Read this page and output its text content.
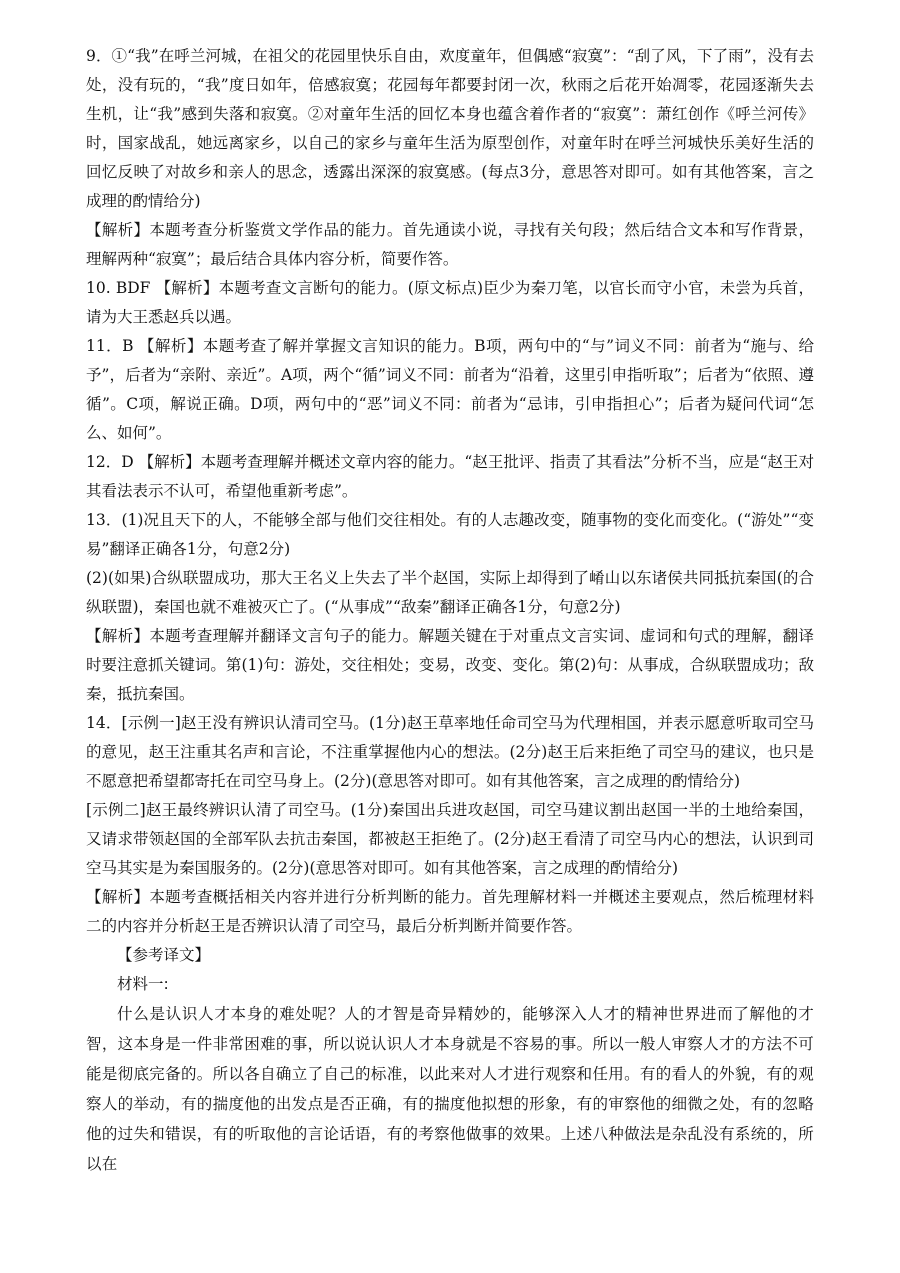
9．①“我”在呼兰河城，在祖父的花园里快乐自由，欢度童年，但偶感“寂寞”：“刮了风，下了雨”，没有去处，没有玩的，“我”度日如年，倍感寂寞；花园每年都要封闭一次，秋雨之后花开始凋零，花园逐渐失去生机，让“我”感到失落和寂寞。②对童年生活的回忆本身也蕴含着作者的“寂寞”：萧红创作《呼兰河传》时，国家战乱，她远离家乡，以自己的家乡与童年生活为原型创作，对童年时在呼兰河城快乐美好生活的回忆反映了对故乡和亲人的思念，透露出深深的寂寞感。(每点3分，意思答对即可。如有其他答案，言之成理的酌情给分)

【解析】本题考查分析鉴赏文学作品的能力。首先通读小说，寻找有关句段；然后结合文本和写作背景，理解两种“寂寞”；最后结合具体内容分析，简要作答。

10. BDF 【解析】本题考查文言断句的能力。(原文标点)臣少为秦刀笔，以官长而守小官，未尝为兵首，请为大王悉赵兵以遇。

11．B 【解析】本题考查了解并掌握文言知识的能力。B项，两句中的“与”词义不同：前者为“施与、给予”，后者为“亲附、亲近”。A项，两个“循”词义不同：前者为“沿着，这里引申指听取”；后者为“依照、遵循”。C项，解说正确。D项，两句中的“恶”词义不同：前者为“忌讳，引申指担心”；后者为疑问代词“怎么、如何”。

12．D 【解析】本题考查理解并概述文章内容的能力。“赵王批评、指责了其看法”分析不当，应是“赵王对其看法表示不认可，希望他重新考虑”。

13．(1)况且天下的人，不能够全部与他们交往相处。有的人志趣改变，随事物的变化而变化。(“游处”“变易”翻译正确各1分，句意2分)

(2)(如果)合纵联盟成功，那大王名义上失去了半个赵国，实际上却得到了崤山以东诸侯共同抵抗秦国(的合纵联盟)，秦国也就不难被灭亡了。(“从事成”“敌秦”翻译正确各1分，句意2分)

【解析】本题考查理解并翻译文言句子的能力。解题关键在于对重点文言实词、虚词和句式的理解，翻译时要注意抓关键词。第(1)句：游处，交往相处；变易，改变、变化。第(2)句：从事成，合纵联盟成功；敌秦，抵抗秦国。

14．[示例一]赵王没有辨识认清司空马。(1分)赵王草率地任命司空马为代理相国，并表示愿意听取司空马的意见，赵王注重其名声和言论，不注重掌握他内心的想法。(2分)赵王后来拒绝了司空马的建议，也只是不愿意把希望都寄托在司空马身上。(2分)(意思答对即可。如有其他答案，言之成理的酌情给分)

[示例二]赵王最终辨识认清了司空马。(1分)秦国出兵进攻赵国，司空马建议割出赵国一半的土地给秦国，又请求带领赵国的全部军队去抗击秦国，都被赵王拒绝了。(2分)赵王看清了司空马内心的想法，认识到司空马其实是为秦国服务的。(2分)(意思答对即可。如有其他答案，言之成理的酌情给分)

【解析】本题考查概括相关内容并进行分析判断的能力。首先理解材料一并概述主要观点，然后梳理材料二的内容并分析赵王是否辨识认清了司空马，最后分析判断并简要作答。

【参考译文】

材料一:

什么是认识人才本身的难处呢？人的才智是奇异精妙的，能够深入人才的精神世界进而了解他的才智，这本身是一件非常困难的事，所以说认识人才本身就是不容易的事。所以一般人审察人才的方法不可能是彻底完备的。所以各自确立了自己的标准，以此来对人才进行观察和任用。有的看人的外貌，有的观察人的举动，有的揣度他的出发点是否正确，有的揣度他拟想的形象，有的审察他的细微之处，有的忽略他的过失和错误，有的听取他的言论话语，有的考察他做事的效果。上述八种做法是杂乱没有系统的，所以在
